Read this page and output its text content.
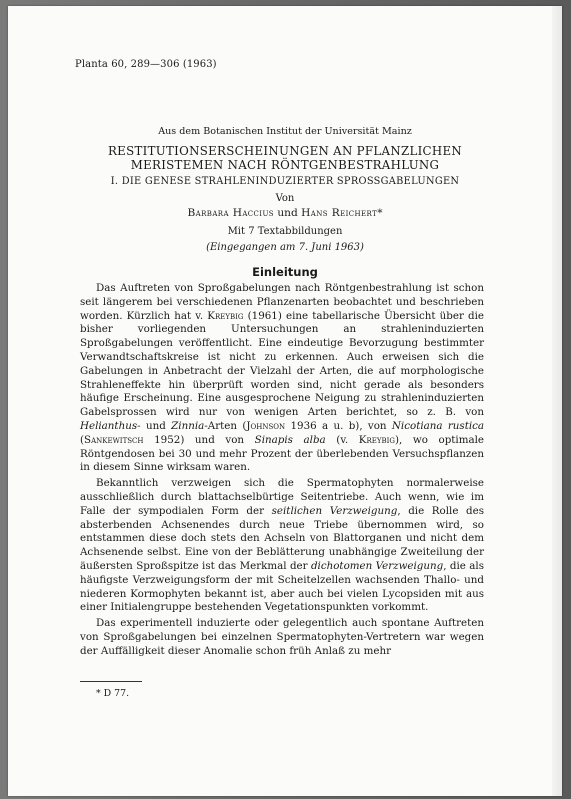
Planta 60, 289—306 (1963)
Aus dem Botanischen Institut der Universität Mainz
RESTITUTIONSERSCHEINUNGEN AN PFLANZLICHEN
MERISTEMEN NACH RÖNTGENBESTRAHLUNG
I. DIE GENESE STRAHLENINDUZIERTER SPROSSGABELUNGEN
Von
Barbara Haccius und Hans Reichert*
Mit 7 Textabbildungen
(Eingegangen am 7. Juni 1963)
Einleitung

Das Auftreten von Sproßgabelungen nach Röntgenbestrahlung ist schon seit längerem bei verschiedenen Pflanzenarten beobachtet und beschrieben worden. Kürzlich hat v. Kreybig (1961) eine tabellarische Übersicht über die bisher vorliegenden Untersuchungen an strahleninduzierten Sproßgabelungen veröffentlicht. Eine eindeutige Bevorzugung bestimmter Verwandtschaftskreise ist nicht zu erkennen. Auch erweisen sich die Gabelungen in Anbetracht der Vielzahl der Arten, die auf morphologische Strahleneffekte hin überprüft worden sind, nicht gerade als besonders häufige Erscheinung. Eine ausgesprochene Neigung zu strahleninduzierten Gabelsprossen wird nur von wenigen Arten berichtet, so z. B. von Helianthus- und Zinnia-Arten (Johnson 1936 a u. b), von Nicotiana rustica (Sankewitsch 1952) und von Sinapis alba (v. Kreybig), wo optimale Röntgendosen bei 30 und mehr Prozent der überlebenden Versuchspflanzen in diesem Sinne wirksam waren.

Bekanntlich verzweigen sich die Spermatophyten normalerweise ausschließlich durch blattachselbürtige Seitentriebe. Auch wenn, wie im Falle der sympodialen Form der seitlichen Verzweigung, die Rolle des absterbenden Achsenendes durch neue Triebe übernommen wird, so entstammen diese doch stets den Achseln von Blattorganen und nicht dem Achsenende selbst. Eine von der Beblätterung unabhängige Zweiteilung der äußersten Sproßspitze ist das Merkmal der dichotomen Verzweigung, die als häufigste Verzweigungsform der mit Scheitelzellen wachsenden Thallo- und niederen Kormophyten bekannt ist, aber auch bei vielen Lycopsiden mit aus einer Initialengruppe bestehenden Vegetationspunkten vorkommt.

Das experimentell induzierte oder gelegentlich auch spontane Auftreten von Sproßgabelungen bei einzelnen Spermatophyten-Vertretern war wegen der Auffälligkeit dieser Anomalie schon früh Anlaß zu mehr

* D 77.
